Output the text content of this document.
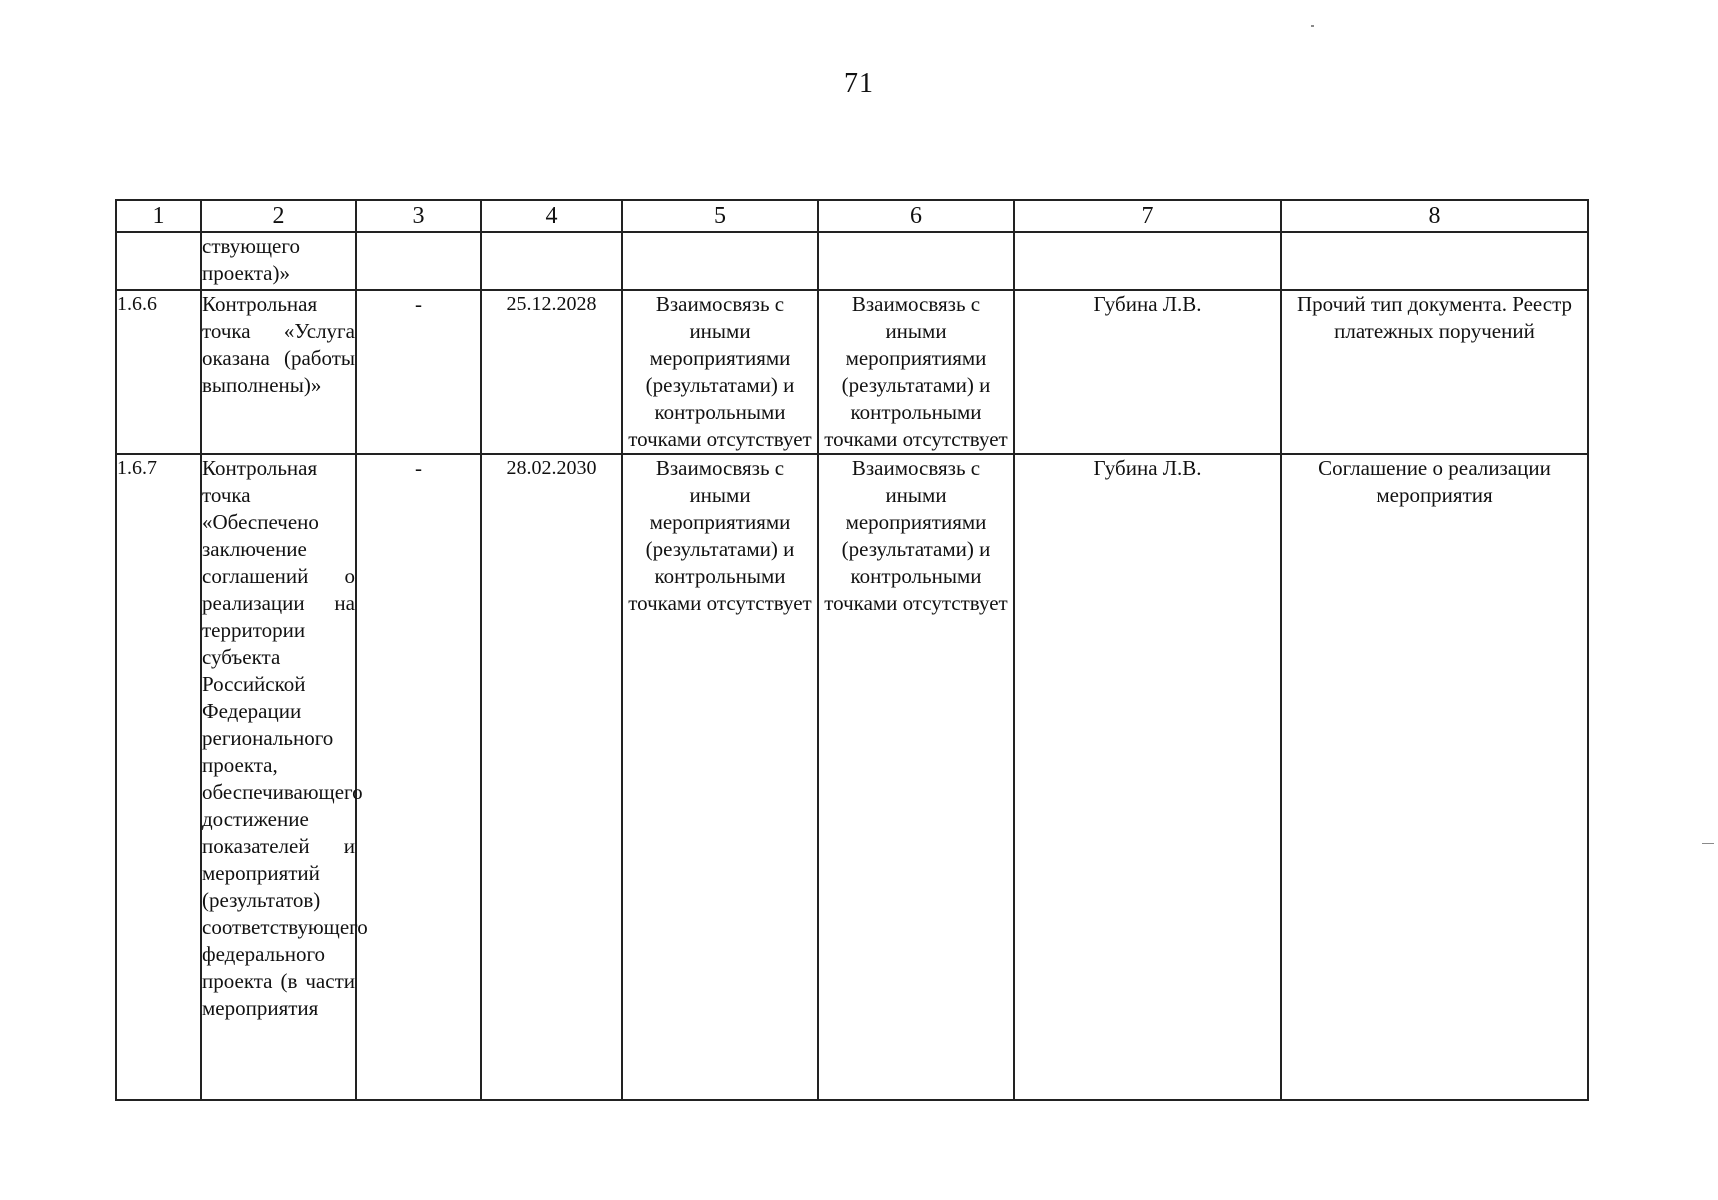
71
1	2	3	4	5	6	7	8
	ствующего проекта)»						
1.6.6	Контрольная точка «Услуга оказана (работы выполнены)»	-	25.12.2028	Взаимосвязь с иными мероприятиями (результатами) и контрольными точками отсутствует	Взаимосвязь с иными мероприятиями (результатами) и контрольными точками отсутствует	Губина Л.В.	Прочий тип документа. Реестр платежных поручений
1.6.7	Контрольная точка «Обеспечено заключение соглашений о реализации на территории субъекта Российской Федерации регионального проекта, обеспечивающего достижение показателей и мероприятий (результатов) соответствующего федерального проекта (в части мероприятия	-	28.02.2030	Взаимосвязь с иными мероприятиями (результатами) и контрольными точками отсутствует	Взаимосвязь с иными мероприятиями (результатами) и контрольными точками отсутствует	Губина Л.В.	Соглашение о реализации мероприятия
